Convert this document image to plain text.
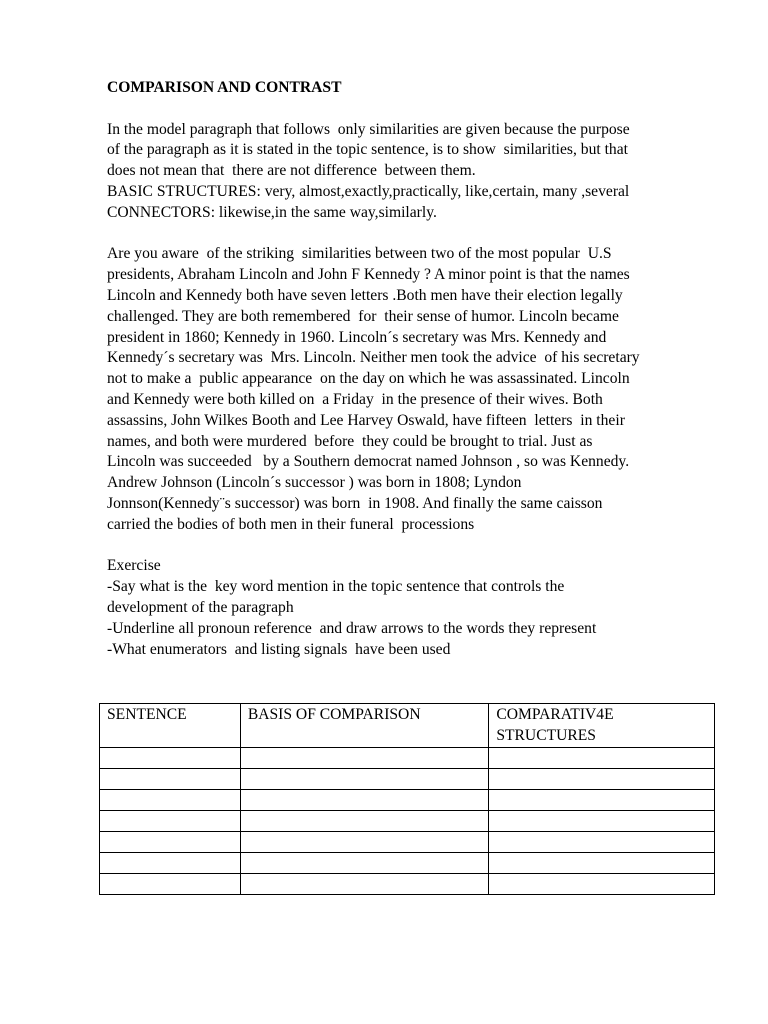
COMPARISON AND CONTRAST

In the model paragraph that follows  only similarities are given because the purpose

of the paragraph as it is stated in the topic sentence, is to show  similarities, but that

does not mean that  there are not difference  between them.

BASIC STRUCTURES: very, almost,exactly,practically, like,certain, many ,several

CONNECTORS: likewise,in the same way,similarly.

Are you aware  of the striking  similarities between two of the most popular  U.S

presidents, Abraham Lincoln and John F Kennedy ? A minor point is that the names

Lincoln and Kennedy both have seven letters .Both men have their election legally

challenged. They are both remembered  for  their sense of humor. Lincoln became

president in 1860; Kennedy in 1960. Lincoln´s secretary was Mrs. Kennedy and

Kennedy´s secretary was  Mrs. Lincoln. Neither men took the advice  of his secretary

not to make a  public appearance  on the day on which he was assassinated. Lincoln

and Kennedy were both killed on  a Friday  in the presence of their wives. Both

assassins, John Wilkes Booth and Lee Harvey Oswald, have fifteen  letters  in their

names, and both were murdered  before  they could be brought to trial. Just as

Lincoln was succeeded   by a Southern democrat named Johnson , so was Kennedy.

Andrew Johnson (Lincoln´s successor ) was born in 1808; Lyndon

Jonnson(Kennedy¨s successor) was born  in 1908. And finally the same caisson

carried the bodies of both men in their funeral  processions

Exercise

-Say what is the  key word mention in the topic sentence that controls the

development of the paragraph

-Underline all pronoun reference  and draw arrows to the words they represent

-What enumerators  and listing signals  have been used

SENTENCE	BASIS OF COMPARISON	COMPARATIV4E
STRUCTURES
